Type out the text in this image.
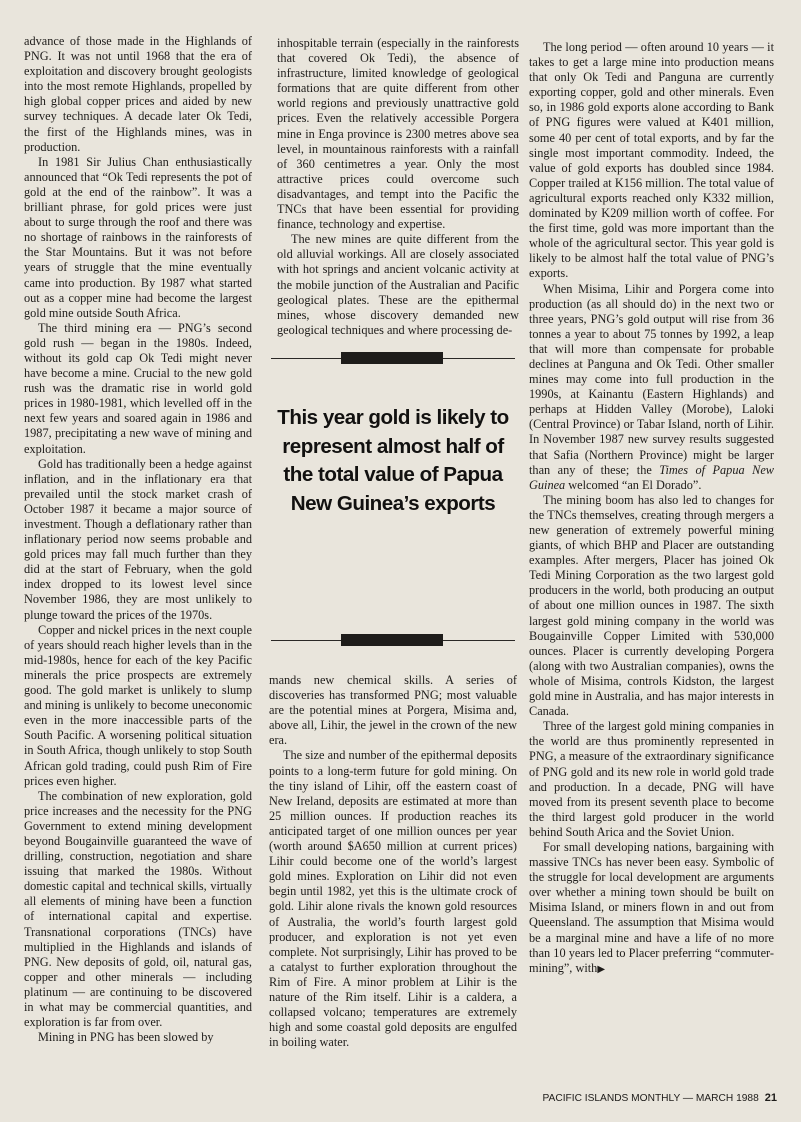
advance of those made in the Highlands of PNG. It was not until 1968 that the era of exploitation and discovery brought geologists into the most remote Highlands, propelled by high global copper prices and aided by new survey techniques. A decade later Ok Tedi, the first of the Highlands mines, was in production.

In 1981 Sir Julius Chan enthusiastically announced that “Ok Tedi represents the pot of gold at the end of the rainbow”. It was a brilliant phrase, for gold prices were just about to surge through the roof and there was no shortage of rainbows in the rainforests of the Star Mountains. But it was not before years of struggle that the mine eventually came into production. By 1987 what started out as a copper mine had become the largest gold mine outside South Africa.

The third mining era — PNG’s second gold rush — began in the 1980s. Indeed, without its gold cap Ok Tedi might never have become a mine. Crucial to the new gold rush was the dramatic rise in world gold prices in 1980-1981, which levelled off in the next few years and soared again in 1986 and 1987, precipitating a new wave of mining and exploitation.

Gold has traditionally been a hedge against inflation, and in the inflationary era that prevailed until the stock market crash of October 1987 it became a major source of investment. Though a deflationary rather than inflationary period now seems probable and gold prices may fall much further than they did at the start of February, when the gold index dropped to its lowest level since November 1986, they are most unlikely to plunge toward the prices of the 1970s.

Copper and nickel prices in the next couple of years should reach higher levels than in the mid-1980s, hence for each of the key Pacific minerals the price prospects are extremely good. The gold market is unlikely to slump and mining is unlikely to become uneconomic even in the more inaccessible parts of the South Pacific. A worsening political situation in South Africa, though unlikely to stop South African gold trading, could push Rim of Fire prices even higher.

The combination of new exploration, gold price increases and the necessity for the PNG Government to extend mining development beyond Bougainville guaranteed the wave of drilling, construction, negotiation and share issuing that marked the 1980s. Without domestic capital and technical skills, virtually all elements of mining have been a function of international capital and expertise. Transnational corporations (TNCs) have multiplied in the Highlands and islands of PNG. New deposits of gold, oil, natural gas, copper and other minerals — including platinum — are continuing to be discovered in what may be commercial quantities, and exploration is far from over.

Mining in PNG has been slowed by

inhospitable terrain (especially in the rainforests that covered Ok Tedi), the absence of infrastructure, limited knowledge of geological formations that are quite different from other world regions and previously unattractive gold prices. Even the relatively accessible Porgera mine in Enga province is 2300 metres above sea level, in mountainous rainforests with a rainfall of 360 centimetres a year. Only the most attractive prices could overcome such disadvantages, and tempt into the Pacific the TNCs that have been essential for providing finance, technology and expertise.

The new mines are quite different from the old alluvial workings. All are closely associated with hot springs and ancient volcanic activity at the mobile junction of the Australian and Pacific geological plates. These are the epithermal mines, whose discovery demanded new geological techniques and where processing de-

This year gold is likely to represent almost half of the total value of Papua New Guinea’s exports

mands new chemical skills. A series of discoveries has transformed PNG; most valuable are the potential mines at Porgera, Misima and, above all, Lihir, the jewel in the crown of the new era.

The size and number of the epithermal deposits points to a long-term future for gold mining. On the tiny island of Lihir, off the eastern coast of New Ireland, deposits are estimated at more than 25 million ounces. If production reaches its anticipated target of one million ounces per year (worth around $A650 million at current prices) Lihir could become one of the world’s largest gold mines. Exploration on Lihir did not even begin until 1982, yet this is the ultimate crock of gold. Lihir alone rivals the known gold resources of Australia, the world’s fourth largest gold producer, and exploration is not yet even complete. Not surprisingly, Lihir has proved to be a catalyst to further exploration throughout the Rim of Fire. A minor problem at Lihir is the nature of the Rim itself. Lihir is a caldera, a collapsed volcano; temperatures are extremely high and some coastal gold deposits are engulfed in boiling water.

The long period — often around 10 years — it takes to get a large mine into production means that only Ok Tedi and Panguna are currently exporting copper, gold and other minerals. Even so, in 1986 gold exports alone according to Bank of PNG figures were valued at K401 million, some 40 per cent of total exports, and by far the single most important commodity. Indeed, the value of gold exports has doubled since 1984. Copper trailed at K156 million. The total value of agricultural exports reached only K332 million, dominated by K209 million worth of coffee. For the first time, gold was more important than the whole of the agricultural sector. This year gold is likely to be almost half the total value of PNG’s exports.

When Misima, Lihir and Porgera come into production (as all should do) in the next two or three years, PNG’s gold output will rise from 36 tonnes a year to about 75 tonnes by 1992, a leap that will more than compensate for probable declines at Panguna and Ok Tedi. Other smaller mines may come into full production in the 1990s, at Kainantu (Eastern Highlands) and perhaps at Hidden Valley (Morobe), Laloki (Central Province) or Tabar Island, north of Lihir. In November 1987 new survey results suggested that Safia (Northern Province) might be larger than any of these; the Times of Papua New Guinea welcomed “an El Dorado”.

The mining boom has also led to changes for the TNCs themselves, creating through mergers a new generation of extremely powerful mining giants, of which BHP and Placer are outstanding examples. After mergers, Placer has joined Ok Tedi Mining Corporation as the two largest gold producers in the world, both producing an output of about one million ounces in 1987. The sixth largest gold mining company in the world was Bougainville Copper Limited with 530,000 ounces. Placer is currently developing Porgera (along with two Australian companies), owns the whole of Misima, controls Kidston, the largest gold mine in Australia, and has major interests in Canada.

Three of the largest gold mining companies in the world are thus prominently represented in PNG, a measure of the extraordinary significance of PNG gold and its new role in world gold trade and production. In a decade, PNG will have moved from its present seventh place to become the third largest gold producer in the world behind South Arica and the Soviet Union.

For small developing nations, bargaining with massive TNCs has never been easy. Symbolic of the struggle for local development are arguments over whether a mining town should be built on Misima Island, or miners flown in and out from Queensland. The assumption that Misima would be a marginal mine and have a life of no more than 10 years led to Placer preferring “commuter-mining”, with▶

PACIFIC ISLANDS MONTHLY — MARCH 1988 21
